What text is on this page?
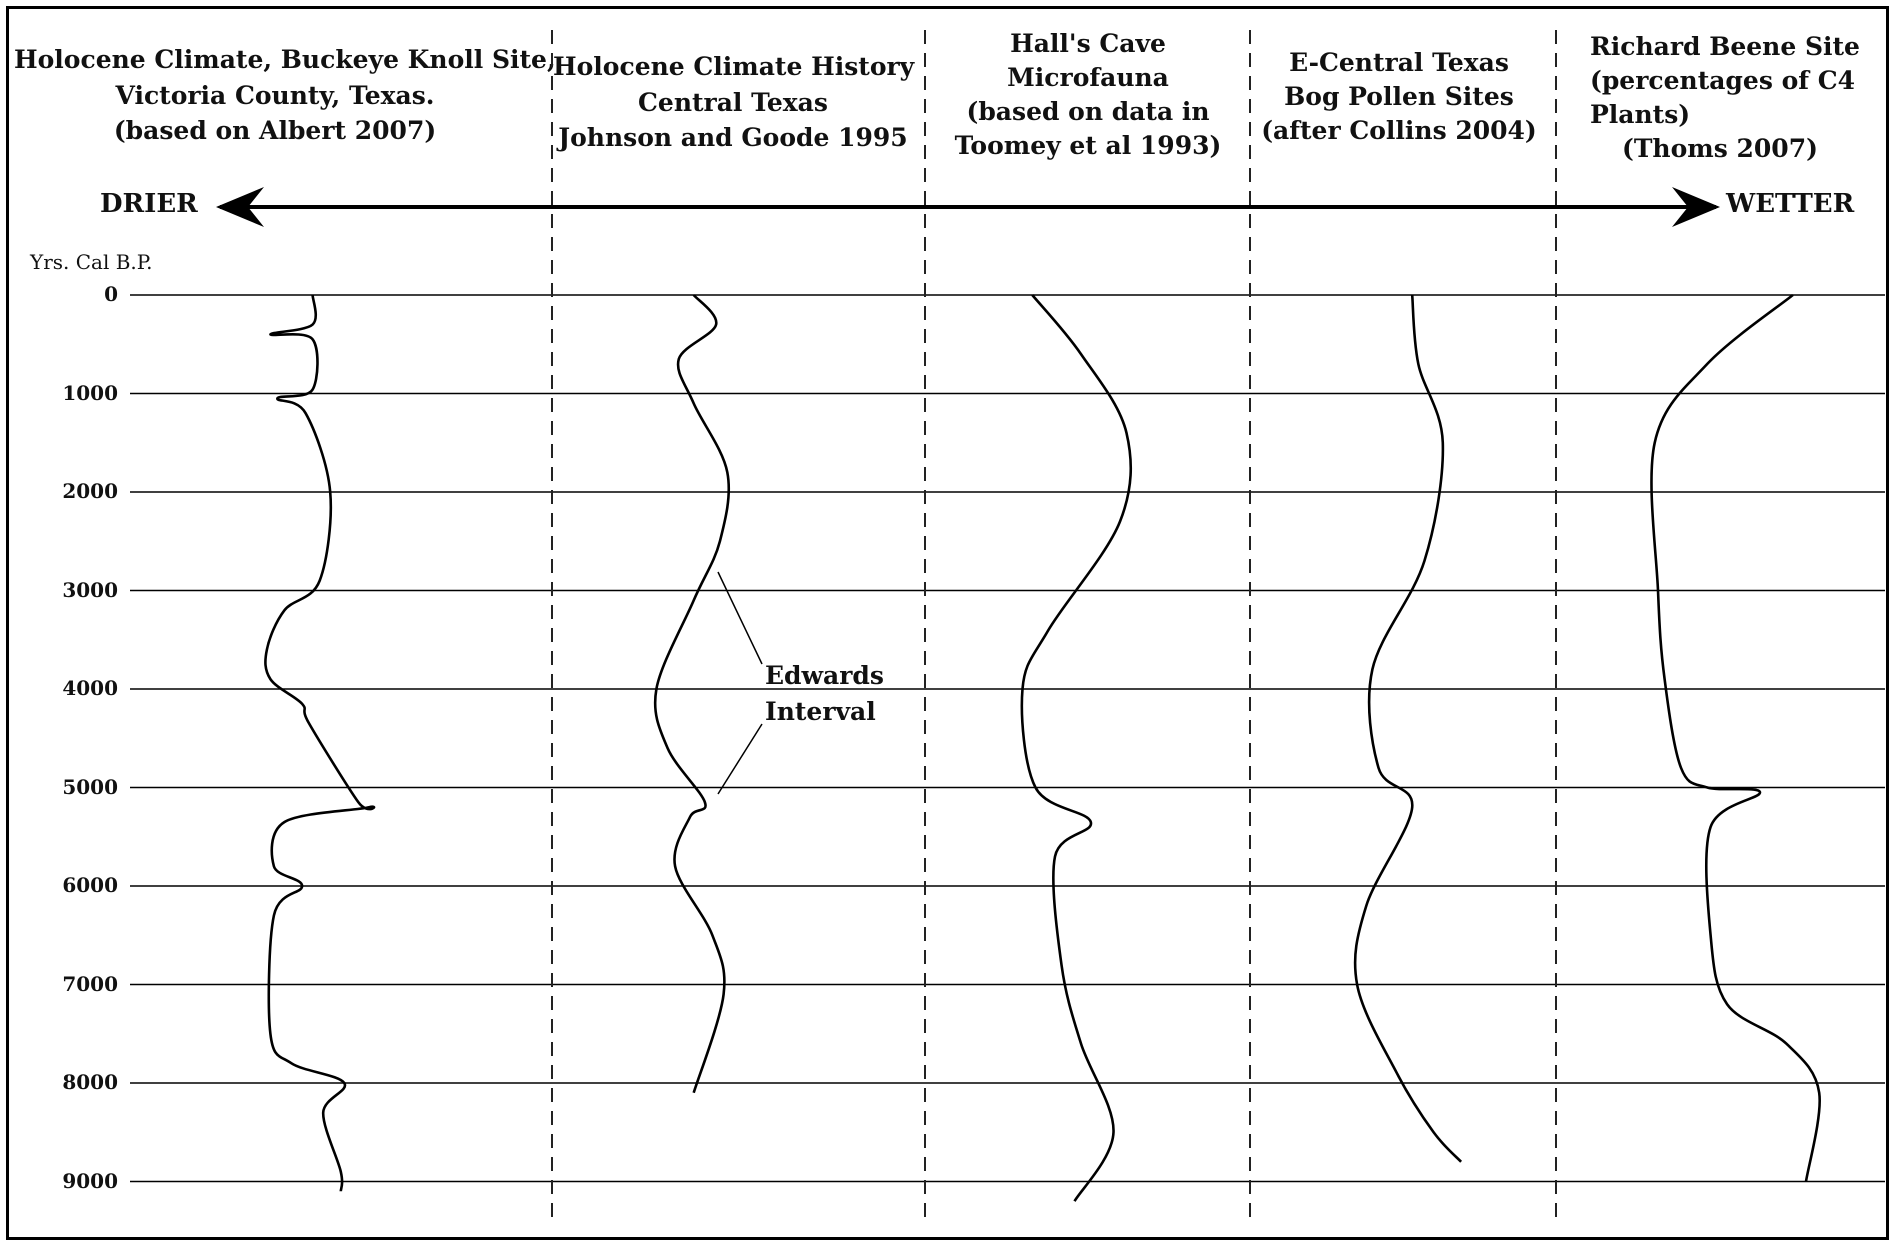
Holocene Climate, Buckeye Knoll Site,
Victoria County, Texas.
(based on Albert 2007)
Holocene Climate History
Central Texas
Johnson and Goode 1995
Hall's Cave
Microfauna
(based on data in
Toomey et al 1993)
E-Central Texas
Bog Pollen Sites
(after Collins 2004)
Richard Beene Site
(percentages of C4
Plants)
(Thoms 2007)
DRIER	WETTER
Yrs. Cal B.P.
0
1000
2000
3000
4000
5000
6000
7000
8000
9000
Edwards
Interval
